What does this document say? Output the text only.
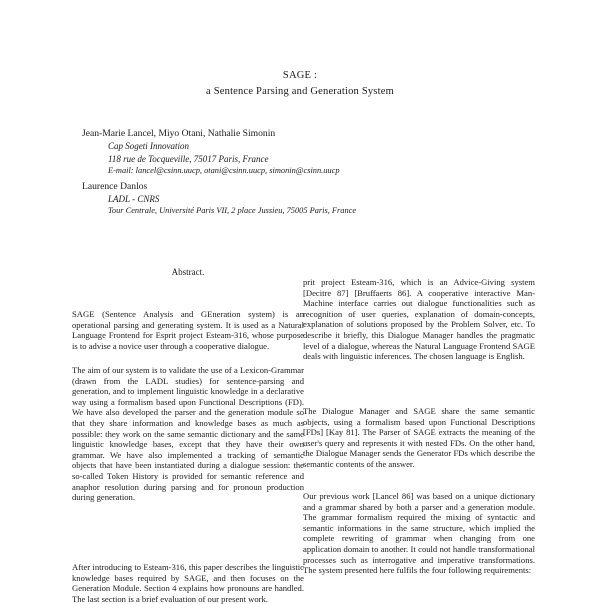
SAGE :
a Sentence Parsing and Generation System
Jean-Marie Lancel, Miyo Otani, Nathalie Simonin
Cap Sogeti Innovation
118 rue de Tocqueville, 75017 Paris, France
E-mail: lancel@csinn.uucp, otani@csinn.uucp, simonin@csinn.uucp
Laurence Danlos
LADL - CNRS
Tour Centrale, Université Paris VII, 2 place Jussieu, 75005 Paris, France
Abstract.

SAGE (Sentence Analysis and GEneration system) is an operational parsing and generating system. It is used as a Natural Language Frontend for Esprit project Esteam-316, whose purpose is to advise a novice user through a cooperative dialogue.

The aim of our system is to validate the use of a Lexicon-Grammar (drawn from the LADL studies) for sentence-parsing and generation, and to implement linguistic knowledge in a declarative way using a formalism based upon Functional Descriptions (FD). We have also developed the parser and the generation module so that they share information and knowledge bases as much as possible: they work on the same semantic dictionary and the same linguistic knowledge bases, except that they have their own grammar. We have also implemented a tracking of semantic objects that have been instantiated during a dialogue session: the so-called Token History is provided for semantic reference and anaphor resolution during parsing and for pronoun production during generation.

After introducing to Esteam-316, this paper describes the linguistic knowledge bases required by SAGE, and then focuses on the Generation Module. Section 4 explains how pronouns are handled. The last section is a brief evaluation of our present work.

prit project Esteam-316, which is an Advice-Giving system [Decitre 87] [Bruffaerts 86]. A cooperative interactive Man-Machine interface carries out dialogue functionalities such as recognition of user queries, explanation of domain-concepts, explanation of solutions proposed by the Problem Solver, etc. To describe it briefly, this Dialogue Manager handles the pragmatic level of a dialogue, whereas the Natural Language Frontend SAGE deals with linguistic inferences. The chosen language is English.

The Dialogue Manager and SAGE share the same semantic objects, using a formalism based upon Functional Descriptions [FDs] [Kay 81]. The Parser of SAGE extracts the meaning of the user's query and represents it with nested FDs. On the other hand, the Dialogue Manager sends the Generator FDs which describe the semantic contents of the answer.

Our previous work [Lancel 86] was based on a unique dictionary and a grammar shared by both a parser and a generation module. The grammar formalism required the mixing of syntactic and semantic informations in the same structure, which implied the complete rewriting of grammar when changing from one application domain to another. It could not handle transformational processes such as interrogative and imperative transformations. The system presented here fulfils the four following requirements:
